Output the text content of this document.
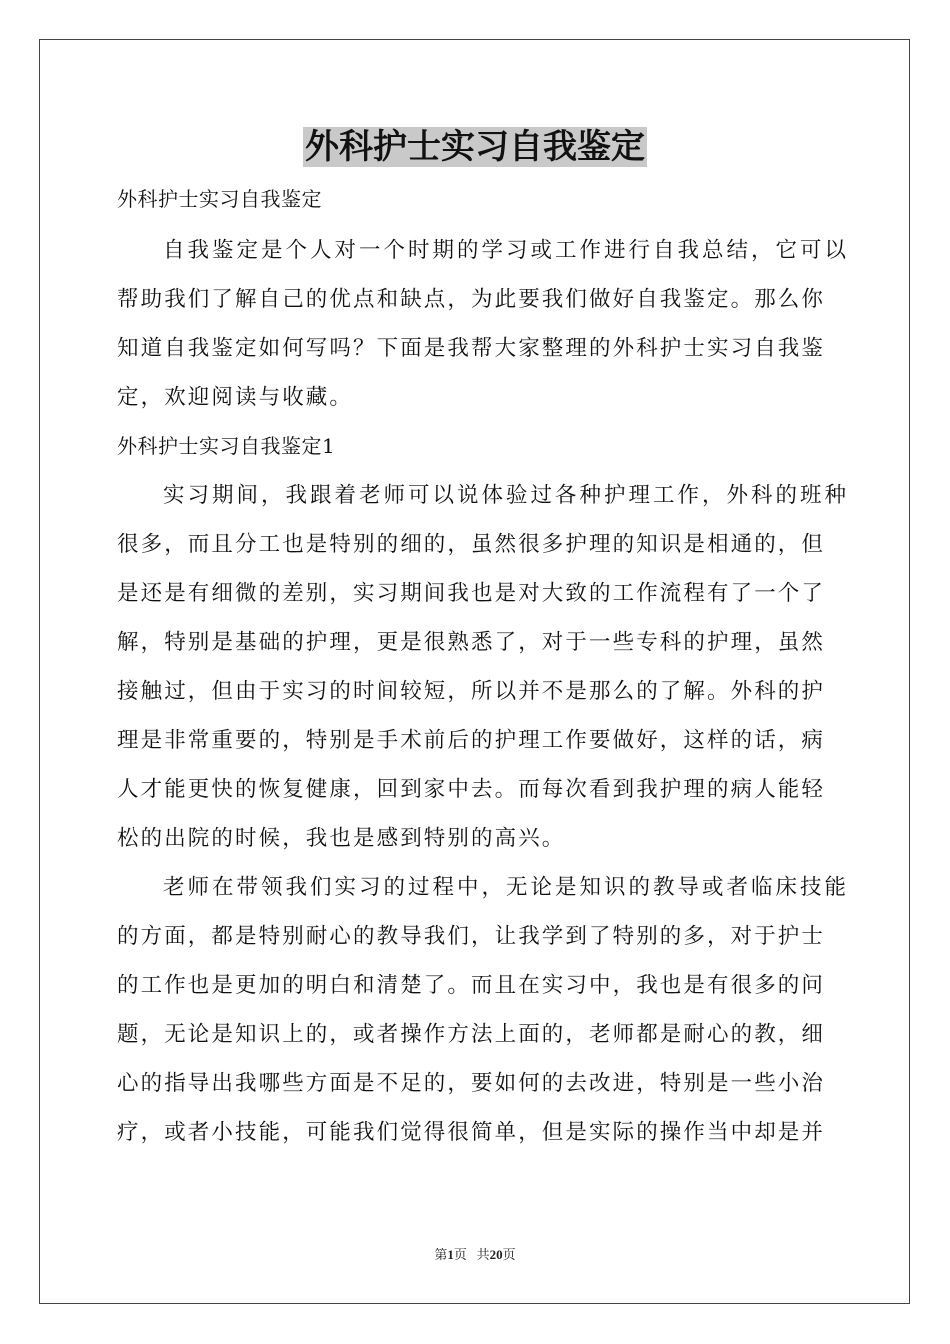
外科护士实习自我鉴定
外科护士实习自我鉴定
自我鉴定是个人对一个时期的学习或工作进行自我总结，它可以
帮助我们了解自己的优点和缺点，为此要我们做好自我鉴定。那么你
知道自我鉴定如何写吗？下面是我帮大家整理的外科护士实习自我鉴
定，欢迎阅读与收藏。
外科护士实习自我鉴定1
实习期间，我跟着老师可以说体验过各种护理工作，外科的班种
很多，而且分工也是特别的细的，虽然很多护理的知识是相通的，但
是还是有细微的差别，实习期间我也是对大致的工作流程有了一个了
解，特别是基础的护理，更是很熟悉了，对于一些专科的护理，虽然
接触过，但由于实习的时间较短，所以并不是那么的了解。外科的护
理是非常重要的，特别是手术前后的护理工作要做好，这样的话，病
人才能更快的恢复健康，回到家中去。而每次看到我护理的病人能轻
松的出院的时候，我也是感到特别的高兴。
老师在带领我们实习的过程中，无论是知识的教导或者临床技能
的方面，都是特别耐心的教导我们，让我学到了特别的多，对于护士
的工作也是更加的明白和清楚了。而且在实习中，我也是有很多的问
题，无论是知识上的，或者操作方法上面的，老师都是耐心的教，细
心的指导出我哪些方面是不足的，要如何的去改进，特别是一些小治
疗，或者小技能，可能我们觉得很简单，但是实际的操作当中却是并
第1页 共20页
